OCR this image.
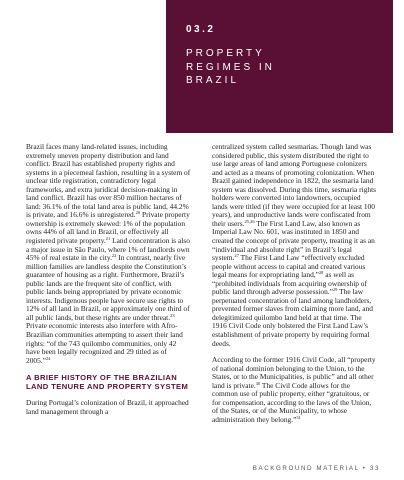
03.2
PROPERTY
REGIMES IN
BRAZIL

Brazil faces many land-related issues, including extremely uneven property distribution and land conflict. Brazil has established property rights and systems in a piecemeal fashion, resulting in a system of unclear title registration, contradictory legal frameworks, and extra juridical decision-making in land conflict. Brazil has over 850 million hectares of land: 36.1% of the total land area is public land, 44.2% is private, and 16.6% is unregistered.$^{20}$ Private property ownership is extremely skewed: 1% of the population owns 44% of all land in Brazil, or effectively all registered private property.$^{21}$ Land concentration is also a major issue in São Paulo, where 1% of landlords own 45% of real estate in the city.$^{22}$ In contrast, nearly five million families are landless despite the Constitution’s guarantee of housing as a right. Furthermore, Brazil’s public lands are the frequent site of conflict, with public lands being appropriated by private economic interests. Indigenous people have secure use rights to 12% of all land in Brazil, or approximately one third of all public lands, but these rights are under threat.$^{23}$ Private economic interests also interfere with Afro-Brazilian communities attempting to assert their land rights: “of the 743 quilombo communities, only 42 have been legally recognized and 29 titled as of 2005.”$^{24}$

A BRIEF HISTORY OF THE BRAZILIAN LAND TENURE AND PROPERTY SYSTEM

During Portugal’s colonization of Brazil, it approached land management through a

centralized system called sesmarias. Though land was considered public, this system distributed the right to use large areas of land among Portuguese colonizers and acted as a means of promoting colonization. When Brazil gained independence in 1822, the sesmaria land system was dissolved. During this time, sesmaria rights holders were converted into landowners, occupied lands were titled (if they were occupied for at least 100 years), and unproductive lands were confiscated from their users.$^{25,26}$ The First Land Law, also known as Imperial Law No. 601, was instituted in 1850 and created the concept of private property, treating it as an “individual and absolute right” in Brazil’s legal system.$^{27}$ The First Land Law “effectively excluded people without access to capital and created various legal means for expropriating land,”$^{28}$ as well as “prohibited individuals from acquiring ownership of public land through adverse possession.”$^{29}$ The law perpetuated concentration of land among landholders, prevented former slaves from claiming more land, and delegitimized quilombo land held at that time. The 1916 Civil Code only bolstered the First Land Law’s establishment of private property by requiring formal deeds.

According to the former 1916 Civil Code, all “property of national dominion belonging to the Union, to the States, or to the Municipalities, is public” and all other land is private.$^{30}$ The Civil Code allows for the common use of public property, either “gratuitous, or for compensation, according to the laws of the Union, of the States, or of the Municipality, to whose administration they belong.”$^{31}$

BACKGROUND MATERIAL • 33
